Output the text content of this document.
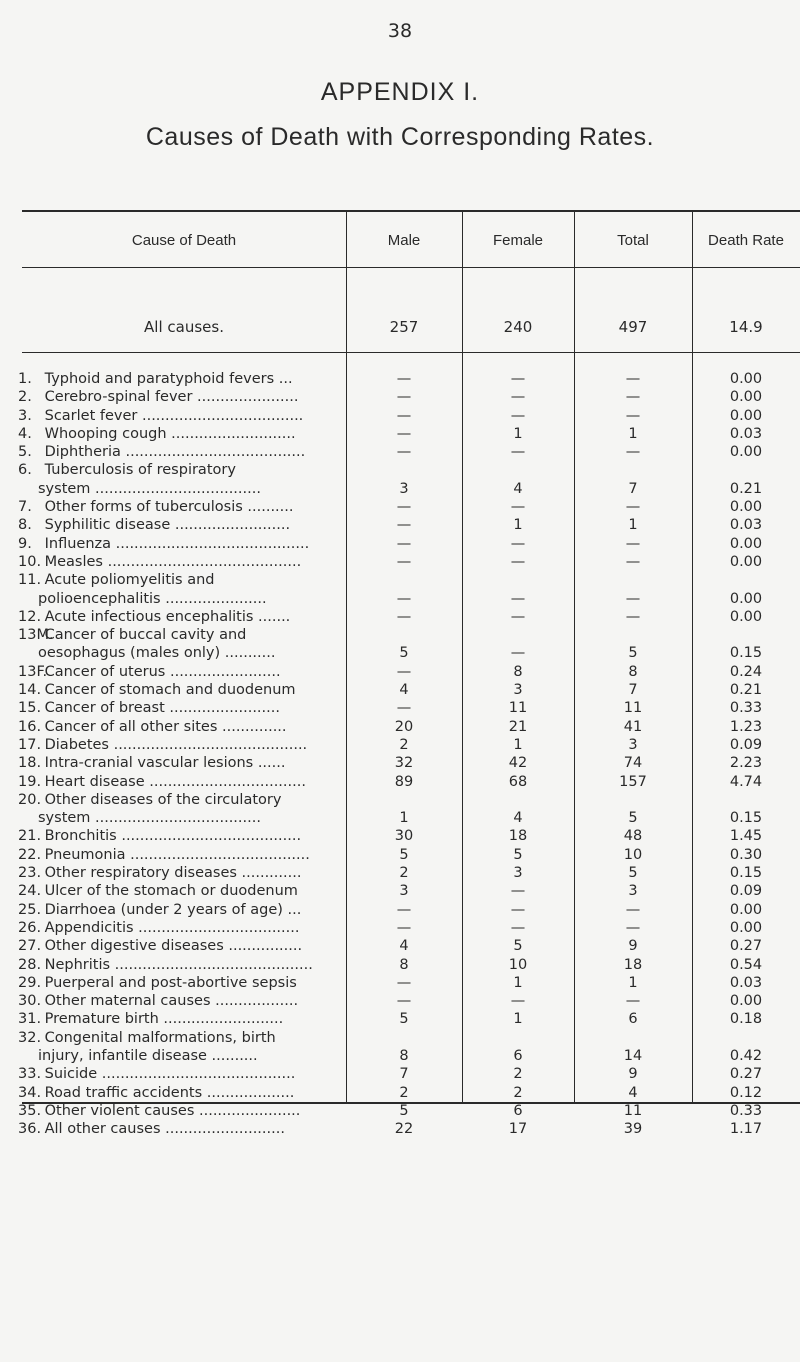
38
APPENDIX I.
Causes of Death with Corresponding Rates.
Cause of Death	Male	Female	Total	Death Rate
All causes.	257	240	497	14.9
1. Typhoid and paratyphoid fevers ...	—	—	—	0.00
2. Cerebro-spinal fever ......................	—	—	—	0.00
3. Scarlet fever ...................................	—	—	—	0.00
4. Whooping cough ...........................	—	1	1	0.03
5. Diphtheria .......................................	—	—	—	0.00
6. Tuberculosis of respiratory
system ....................................	3	4	7	0.21
7. Other forms of tuberculosis ..........	—	—	—	0.00
8. Syphilitic disease .........................	—	1	1	0.03
9. Influenza ..........................................	—	—	—	0.00
10. Measles ..........................................	—	—	—	0.00
11. Acute poliomyelitis and
polioencephalitis ......................	—	—	—	0.00
12. Acute infectious encephalitis .......	—	—	—	0.00
13M. Cancer of buccal cavity and
oesophagus (males only) ...........	5	—	5	0.15
13F. Cancer of uterus ........................	—	8	8	0.24
14. Cancer of stomach and duodenum	4	3	7	0.21
15. Cancer of breast ........................	—	11	11	0.33
16. Cancer of all other sites ..............	20	21	41	1.23
17. Diabetes ..........................................	2	1	3	0.09
18. Intra-cranial vascular lesions ......	32	42	74	2.23
19. Heart disease ..................................	89	68	157	4.74
20. Other diseases of the circulatory
system ....................................	1	4	5	0.15
21. Bronchitis .......................................	30	18	48	1.45
22. Pneumonia .......................................	5	5	10	0.30
23. Other respiratory diseases .............	2	3	5	0.15
24. Ulcer of the stomach or duodenum	3	—	3	0.09
25. Diarrhoea (under 2 years of age) ...	—	—	—	0.00
26. Appendicitis ...................................	—	—	—	0.00
27. Other digestive diseases ................	4	5	9	0.27
28. Nephritis ...........................................	8	10	18	0.54
29. Puerperal and post-abortive sepsis	—	1	1	0.03
30. Other maternal causes ..................	—	—	—	0.00
31. Premature birth ..........................	5	1	6	0.18
32. Congenital malformations, birth
injury, infantile disease ..........	8	6	14	0.42
33. Suicide ..........................................	7	2	9	0.27
34. Road traffic accidents ...................	2	2	4	0.12
35. Other violent causes ......................	5	6	11	0.33
36. All other causes ..........................	22	17	39	1.17
